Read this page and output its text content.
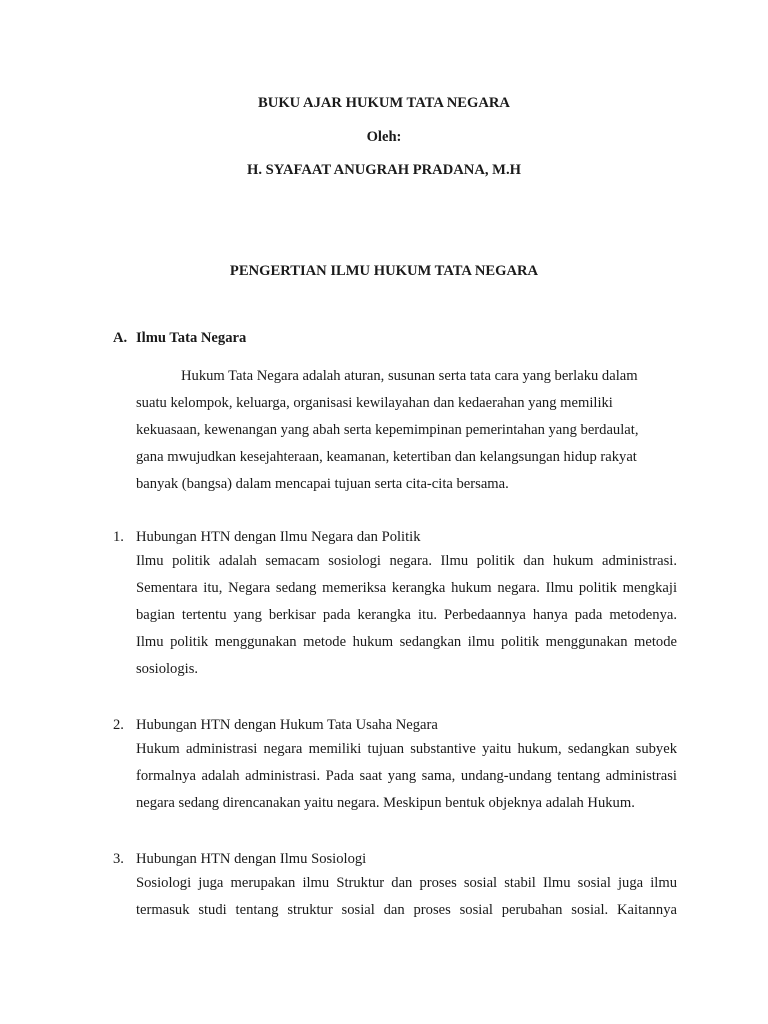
BUKU AJAR HUKUM TATA NEGARA
Oleh:
H. SYAFAAT ANUGRAH PRADANA, M.H
PENGERTIAN ILMU HUKUM TATA NEGARA
A. Ilmu Tata Negara
Hukum Tata Negara adalah aturan, susunan serta tata cara yang berlaku dalam
suatu kelompok, keluarga, organisasi kewilayahan dan kedaerahan yang memiliki
kekuasaan, kewenangan yang abah serta kepemimpinan pemerintahan yang berdaulat,
gana mwujudkan kesejahteraan, keamanan, ketertiban dan kelangsungan hidup rakyat
banyak (bangsa) dalam mencapai tujuan serta cita-cita bersama.
1. Hubungan HTN dengan Ilmu Negara dan Politik
Ilmu politik adalah semacam sosiologi negara. Ilmu politik dan hukum administrasi.
Sementara itu, Negara sedang memeriksa kerangka hukum negara. Ilmu politik mengkaji
bagian tertentu yang berkisar pada kerangka itu. Perbedaannya hanya pada metodenya.
Ilmu politik menggunakan metode hukum sedangkan ilmu politik menggunakan metode
sosiologis.
2. Hubungan HTN dengan Hukum Tata Usaha Negara
Hukum administrasi negara memiliki tujuan substantive yaitu hukum, sedangkan subyek
formalnya adalah administrasi. Pada saat yang sama, undang-undang tentang administrasi
negara sedang direncanakan yaitu negara. Meskipun bentuk objeknya adalah Hukum.
3. Hubungan HTN dengan Ilmu Sosiologi
Sosiologi juga merupakan ilmu Struktur dan proses sosial stabil Ilmu sosial juga ilmu
termasuk studi tentang struktur sosial dan proses sosial perubahan sosial. Kaitannya
